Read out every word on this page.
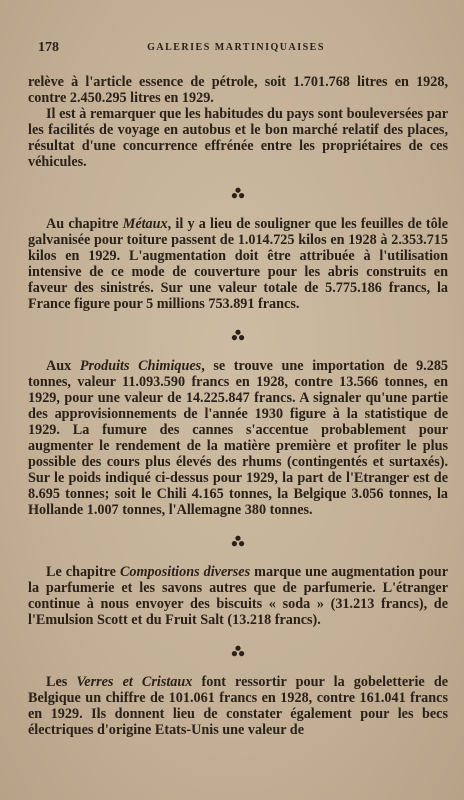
178	GALERIES MARTINIQUAISES

relève à l'article essence de pétrole, soit 1.701.768 litres en 1928, contre 2.450.295 litres en 1929.

Il est à remarquer que les habitudes du pays sont bouleversées par les facilités de voyage en autobus et le bon marché relatif des places, résultat d'une concurrence effrénée entre les propriétaires de ces véhicules.

Au chapitre Métaux, il y a lieu de souligner que les feuilles de tôle galvanisée pour toiture passent de 1.014.725 kilos en 1928 à 2.353.715 kilos en 1929. L'augmentation doit être attribuée à l'utilisation intensive de ce mode de couverture pour les abris construits en faveur des sinistrés. Sur une valeur totale de 5.775.186 francs, la France figure pour 5 millions 753.891 francs.

Aux Produits Chimiques, se trouve une importation de 9.285 tonnes, valeur 11.093.590 francs en 1928, contre 13.566 tonnes, en 1929, pour une valeur de 14.225.847 francs. A signaler qu'une partie des approvisionnements de l'année 1930 figure à la statistique de 1929. La fumure des cannes s'accentue probablement pour augmenter le rendement de la matière première et profiter le plus possible des cours plus élevés des rhums (contingentés et surtaxés). Sur le poids indiqué ci-dessus pour 1929, la part de l'Etranger est de 8.695 tonnes; soit le Chili 4.165 tonnes, la Belgique 3.056 tonnes, la Hollande 1.007 tonnes, l'Allemagne 380 tonnes.

Le chapitre Compositions diverses marque une augmentation pour la parfumerie et les savons autres que de parfumerie. L'étranger continue à nous envoyer des biscuits « soda » (31.213 francs), de l'Emulsion Scott et du Fruit Salt (13.218 francs).

Les Verres et Cristaux font ressortir pour la gobeletterie de Belgique un chiffre de 101.061 francs en 1928, contre 161.041 francs en 1929. Ils donnent lieu de constater également pour les becs électriques d'origine Etats-Unis une valeur de
